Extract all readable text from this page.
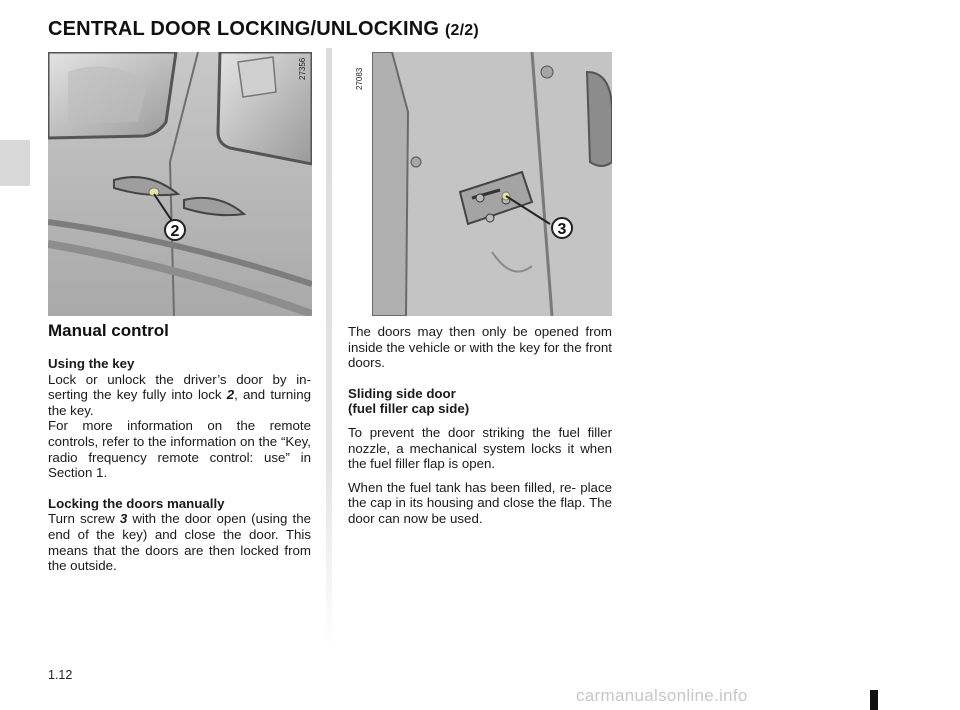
CENTRAL DOOR LOCKING/UNLOCKING (2/2)
2
27356
3
27083
Manual control

Using the key

Lock or unlock the driver’s door by in- serting the key fully into lock 2, and turning the key.

For more information on the remote controls, refer to the information on the “Key, radio frequency remote control: use” in Section 1.

Locking the doors manually

Turn screw 3 with the door open (using the end of the key) and close the door. This means that the doors are then locked from the outside.

The doors may then only be opened from inside the vehicle or with the key for the front doors.

Sliding side door

(fuel filler cap side)

To prevent the door striking the fuel filler nozzle, a mechanical system locks it when the fuel filler flap is open.

When the fuel tank has been filled, re- place the cap in its housing and close the flap. The door can now be used.

1.12
carmanualsonline.info
